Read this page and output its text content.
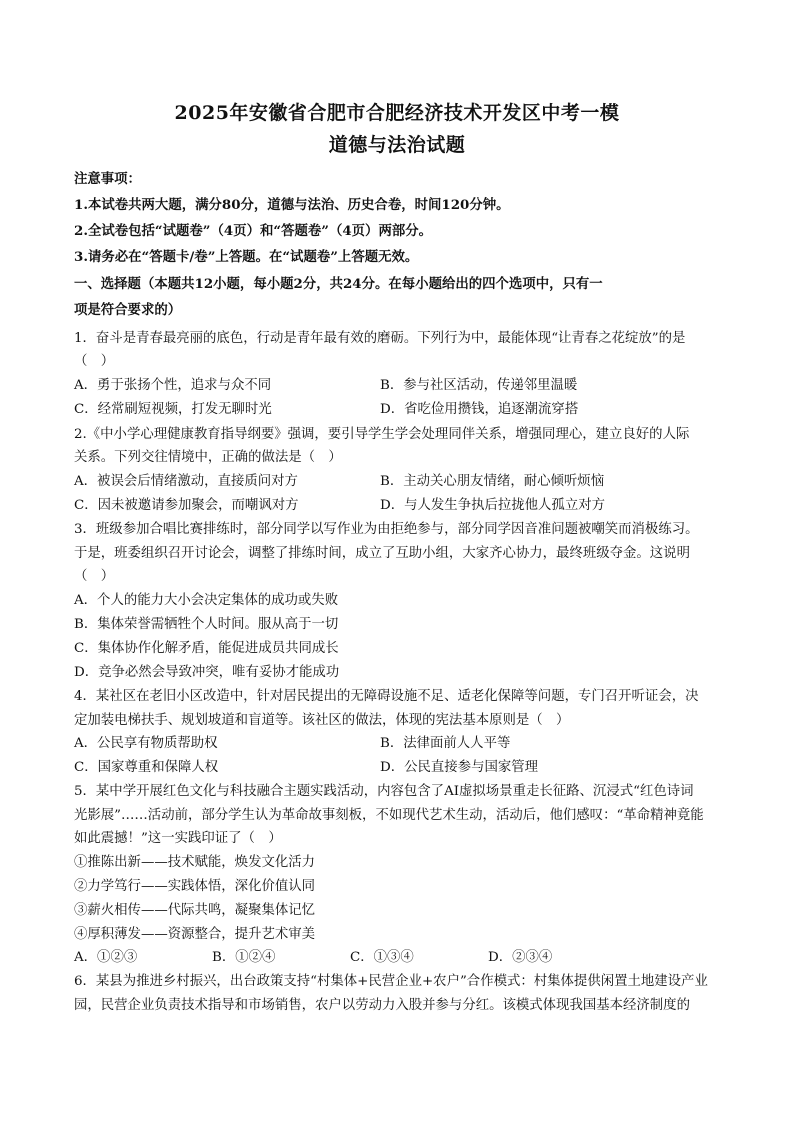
2025年安徽省合肥市合肥经济技术开发区中考一模
道德与法治试题
注意事项：
1.本试卷共两大题，满分80分，道德与法治、历史合卷，时间120分钟。
2.全试卷包括“试题卷”（4页）和“答题卷”（4页）两部分。
3.请务必在“答题卡/卷”上答题。在“试题卷”上答题无效。
一、选择题（本题共12小题，每小题2分，共24分。在每小题给出的四个选项中，只有一
项是符合要求的）
1．奋斗是青春最亮丽的底色，行动是青年最有效的磨砺。下列行为中，最能体现“让青春之花绽放”的是
（　）
A．勇于张扬个性，追求与众不同	B．参与社区活动，传递邻里温暖
C．经常刷短视频，打发无聊时光	D．省吃俭用攒钱，追逐潮流穿搭
2.《中小学心理健康教育指导纲要》强调，要引导学生学会处理同伴关系，增强同理心，建立良好的人际
关系。下列交往情境中，正确的做法是（　）
A．被误会后情绪激动，直接质问对方	B．主动关心朋友情绪，耐心倾听烦恼
C．因未被邀请参加聚会，而嘲讽对方	D．与人发生争执后拉拢他人孤立对方
3．班级参加合唱比赛排练时，部分同学以写作业为由拒绝参与，部分同学因音准问题被嘲笑而消极练习。
于是，班委组织召开讨论会，调整了排练时间，成立了互助小组，大家齐心协力，最终班级夺金。这说明
（　）
A．个人的能力大小会决定集体的成功或失败
B．集体荣誉需牺牲个人时间。服从高于一切
C．集体协作化解矛盾，能促进成员共同成长
D．竞争必然会导致冲突，唯有妥协才能成功
4．某社区在老旧小区改造中，针对居民提出的无障碍设施不足、适老化保障等问题，专门召开听证会，决
定加装电梯扶手、规划坡道和盲道等。该社区的做法，体现的宪法基本原则是（　）
A．公民享有物质帮助权	B．法律面前人人平等
C．国家尊重和保障人权	D．公民直接参与国家管理
5．某中学开展红色文化与科技融合主题实践活动，内容包含了AI虚拟场景重走长征路、沉浸式“红色诗词
光影展”……活动前，部分学生认为革命故事刻板，不如现代艺术生动，活动后，他们感叹：“革命精神竟能
如此震撼！”这一实践印证了（　）
①推陈出新——技术赋能，焕发文化活力
②力学笃行——实践体悟，深化价值认同
③薪火相传——代际共鸣，凝聚集体记忆
④厚积薄发——资源整合，提升艺术审美
A．①②③	B．①②④	C．①③④	D．②③④
6．某县为推进乡村振兴，出台政策支持“村集体+民营企业+农户”合作模式：村集体提供闲置土地建设产业
园，民营企业负责技术指导和市场销售，农户以劳动力入股并参与分红。该模式体现我国基本经济制度的
